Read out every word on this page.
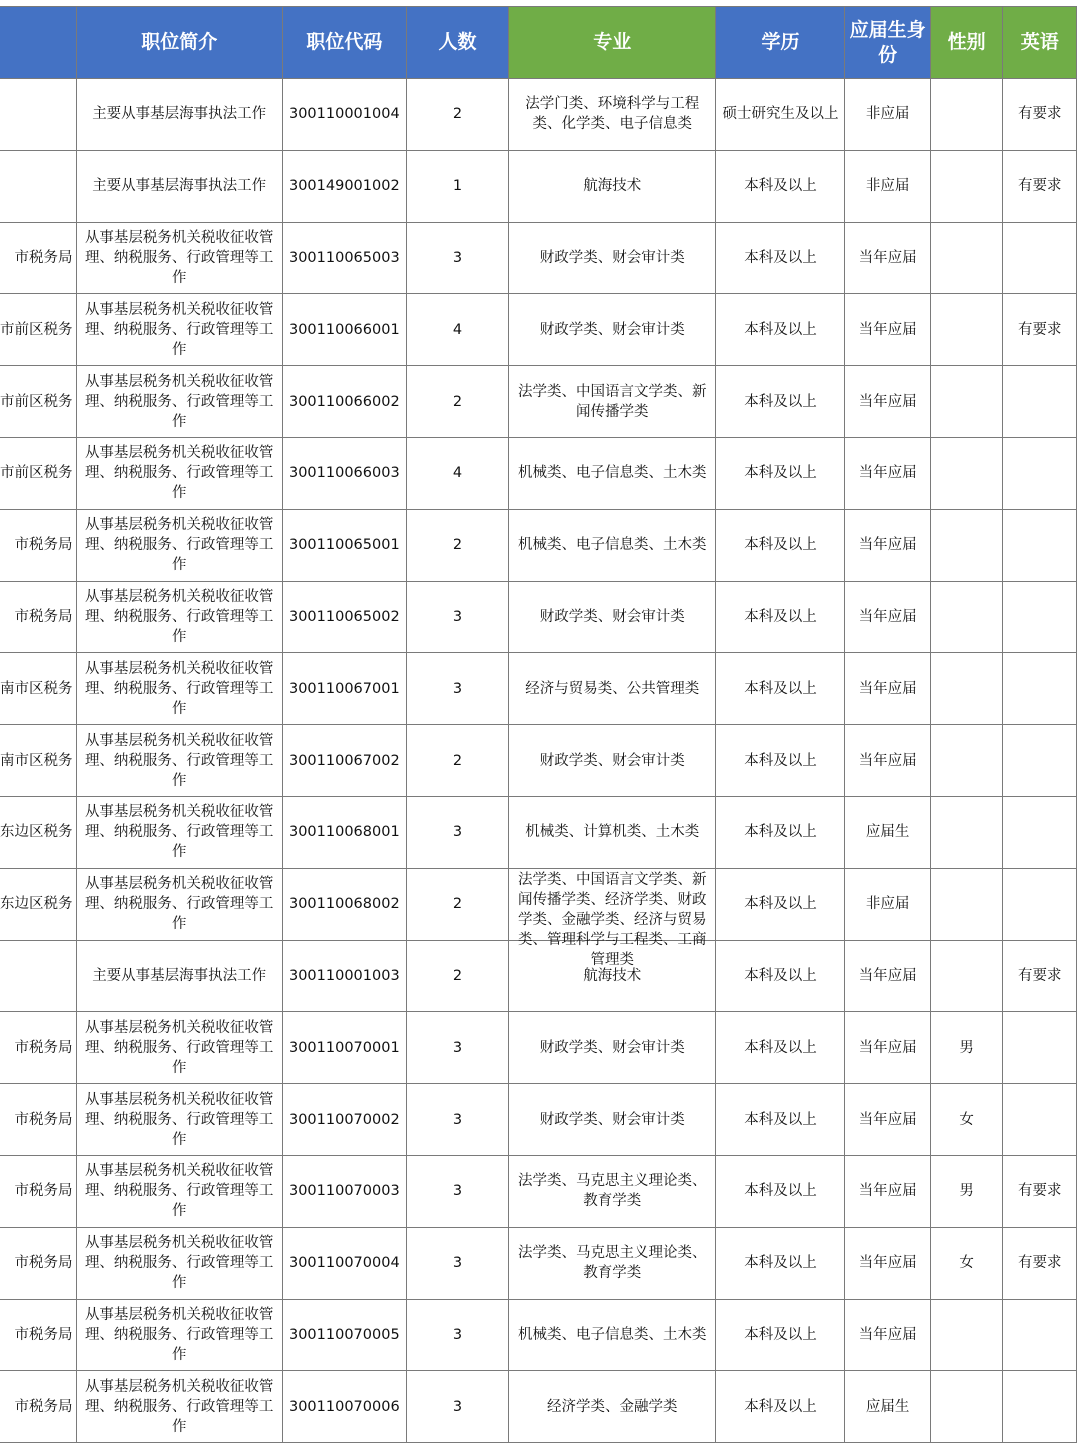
	职位简介	职位代码	人数	专业	学历	应届生身份	性别	英语

	主要从事基层海事执法工作	300110001004	2	法学门类、环境科学与工程类、化学类、电子信息类	硕士研究生及以上	非应届		有要求

	主要从事基层海事执法工作	300149001002	1	航海技术	本科及以上	非应届		有要求

市税务局	从事基层税务机关税收征收管理、纳税服务、行政管理等工作	300110065003	3	财政学类、财会审计类	本科及以上	当年应届		

市前区税务	从事基层税务机关税收征收管理、纳税服务、行政管理等工作	300110066001	4	财政学类、财会审计类	本科及以上	当年应届		有要求

市前区税务	从事基层税务机关税收征收管理、纳税服务、行政管理等工作	300110066002	2	法学类、中国语言文学类、新闻传播学类	本科及以上	当年应届		

市前区税务	从事基层税务机关税收征收管理、纳税服务、行政管理等工作	300110066003	4	机械类、电子信息类、土木类	本科及以上	当年应届		

市税务局	从事基层税务机关税收征收管理、纳税服务、行政管理等工作	300110065001	2	机械类、电子信息类、土木类	本科及以上	当年应届		

市税务局	从事基层税务机关税收征收管理、纳税服务、行政管理等工作	300110065002	3	财政学类、财会审计类	本科及以上	当年应届		

南市区税务	从事基层税务机关税收征收管理、纳税服务、行政管理等工作	300110067001	3	经济与贸易类、公共管理类	本科及以上	当年应届		

南市区税务	从事基层税务机关税收征收管理、纳税服务、行政管理等工作	300110067002	2	财政学类、财会审计类	本科及以上	当年应届		

东边区税务	从事基层税务机关税收征收管理、纳税服务、行政管理等工作	300110068001	3	机械类、计算机类、土木类	本科及以上	应届生		

东边区税务	从事基层税务机关税收征收管理、纳税服务、行政管理等工作	300110068002	2	法学类、中国语言文学类、新闻传播学类、经济学类、财政学类、金融学类、经济与贸易类、管理科学与工程类、工商管理类	本科及以上	非应届		

	主要从事基层海事执法工作	300110001003	2	航海技术	本科及以上	当年应届		有要求

市税务局	从事基层税务机关税收征收管理、纳税服务、行政管理等工作	300110070001	3	财政学类、财会审计类	本科及以上	当年应届	男	

市税务局	从事基层税务机关税收征收管理、纳税服务、行政管理等工作	300110070002	3	财政学类、财会审计类	本科及以上	当年应届	女	

市税务局	从事基层税务机关税收征收管理、纳税服务、行政管理等工作	300110070003	3	法学类、马克思主义理论类、教育学类	本科及以上	当年应届	男	有要求

市税务局	从事基层税务机关税收征收管理、纳税服务、行政管理等工作	300110070004	3	法学类、马克思主义理论类、教育学类	本科及以上	当年应届	女	有要求

市税务局	从事基层税务机关税收征收管理、纳税服务、行政管理等工作	300110070005	3	机械类、电子信息类、土木类	本科及以上	当年应届		

市税务局	从事基层税务机关税收征收管理、纳税服务、行政管理等工作	300110070006	3	经济学类、金融学类	本科及以上	应届生		
